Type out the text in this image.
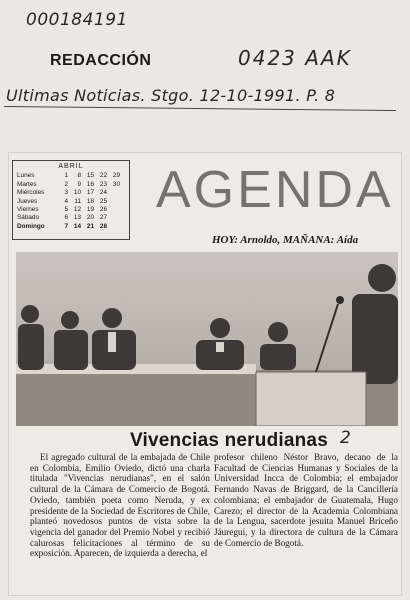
000184191
REDACCIÓN	0423 AAK
Ultimas Noticias. Stgo. 12-10-1991. P. 8
ABRIL
Lunes	1	8 15 22 29
Martes	2	9 16 23 30
Miércoles	3 10 17 24
Jueves	4 11 18 25
Viernes	5 12 19 26
Sábado	6 13 20 27
Domingo	7 14 21 28
AGENDA
HOY: Arnoldo, MAÑANA: Aída
Vivencias nerudianas 2
El agregado cultural de la embajada de Chile en Colombia, Emilio Oviedo, dictó una charla titulada "Vivencias nerudianas", en el salón cultural de la Cámara de Comercio de Bogotá. Oviedo, también poeta como Neruda, y ex presidente de la Sociedad de Escritores de Chile, planteó novedosos puntos de vista sobre la vigencia del ganador del Premio Nobel y recibió calurosas felicitaciones al término de su exposición. Aparecen, de izquierda a derecha, el
profesor chileno Néstor Bravo, decano de la Facultad de Ciencias Humanas y Sociales de la Universidad Incca de Colombia; el embajador Fernando Navas de Briggard, de la Cancillería colombiana; el embajador de Guatemala, Hugo Carezo; el director de la Academia Colombiana de la Lengua, sacerdote jesuita Manuel Briceño Jáuregui, y la directora de cultura de la Cámara de Comercio de Bogotá.
